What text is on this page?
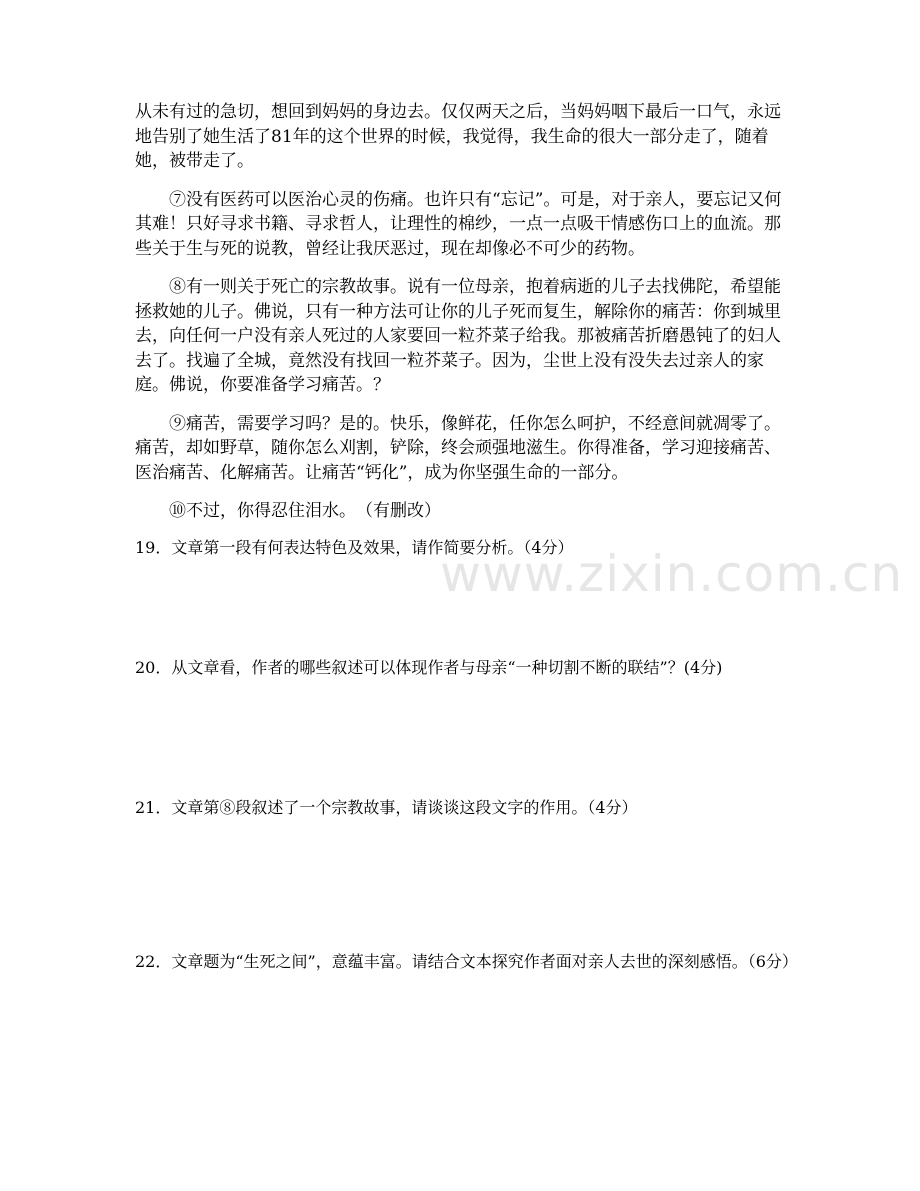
从未有过的急切，想回到妈妈的身边去。仅仅两天之后，当妈妈咽下最后一口气，永远地告别了她生活了81年的这个世界的时候，我觉得，我生命的很大一部分走了，随着她，被带走了。

⑦没有医药可以医治心灵的伤痛。也许只有“忘记”。可是，对于亲人，要忘记又何其难！只好寻求书籍、寻求哲人，让理性的棉纱，一点一点吸干情感伤口上的血流。那些关于生与死的说教，曾经让我厌恶过，现在却像必不可少的药物。

⑧有一则关于死亡的宗教故事。说有一位母亲，抱着病逝的儿子去找佛陀，希望能拯救她的儿子。佛说，只有一种方法可让你的儿子死而复生，解除你的痛苦：你到城里去，向任何一户没有亲人死过的人家要回一粒芥菜子给我。那被痛苦折磨愚钝了的妇人去了。找遍了全城，竟然没有找回一粒芥菜子。因为，尘世上没有没失去过亲人的家庭。佛说，你要准备学习痛苦。？

⑨痛苦，需要学习吗？是的。快乐，像鲜花，任你怎么呵护，不经意间就凋零了。痛苦，却如野草，随你怎么刈割，铲除，终会顽强地滋生。你得准备，学习迎接痛苦、医治痛苦、化解痛苦。让痛苦“钙化”，成为你坚强生命的一部分。

⑩不过，你得忍住泪水。　（有删改）

19．文章第一段有何表达特色及效果，请作简要分析。（4分）

20．从文章看，作者的哪些叙述可以体现作者与母亲“一种切割不断的联结”？(4分)

21．文章第⑧段叙述了一个宗教故事，请谈谈这段文字的作用。（4分）

22．文章题为“生死之间”，意蕴丰富。请结合文本探究作者面对亲人去世的深刻感悟。（6分）

www.zixin.com.cn
